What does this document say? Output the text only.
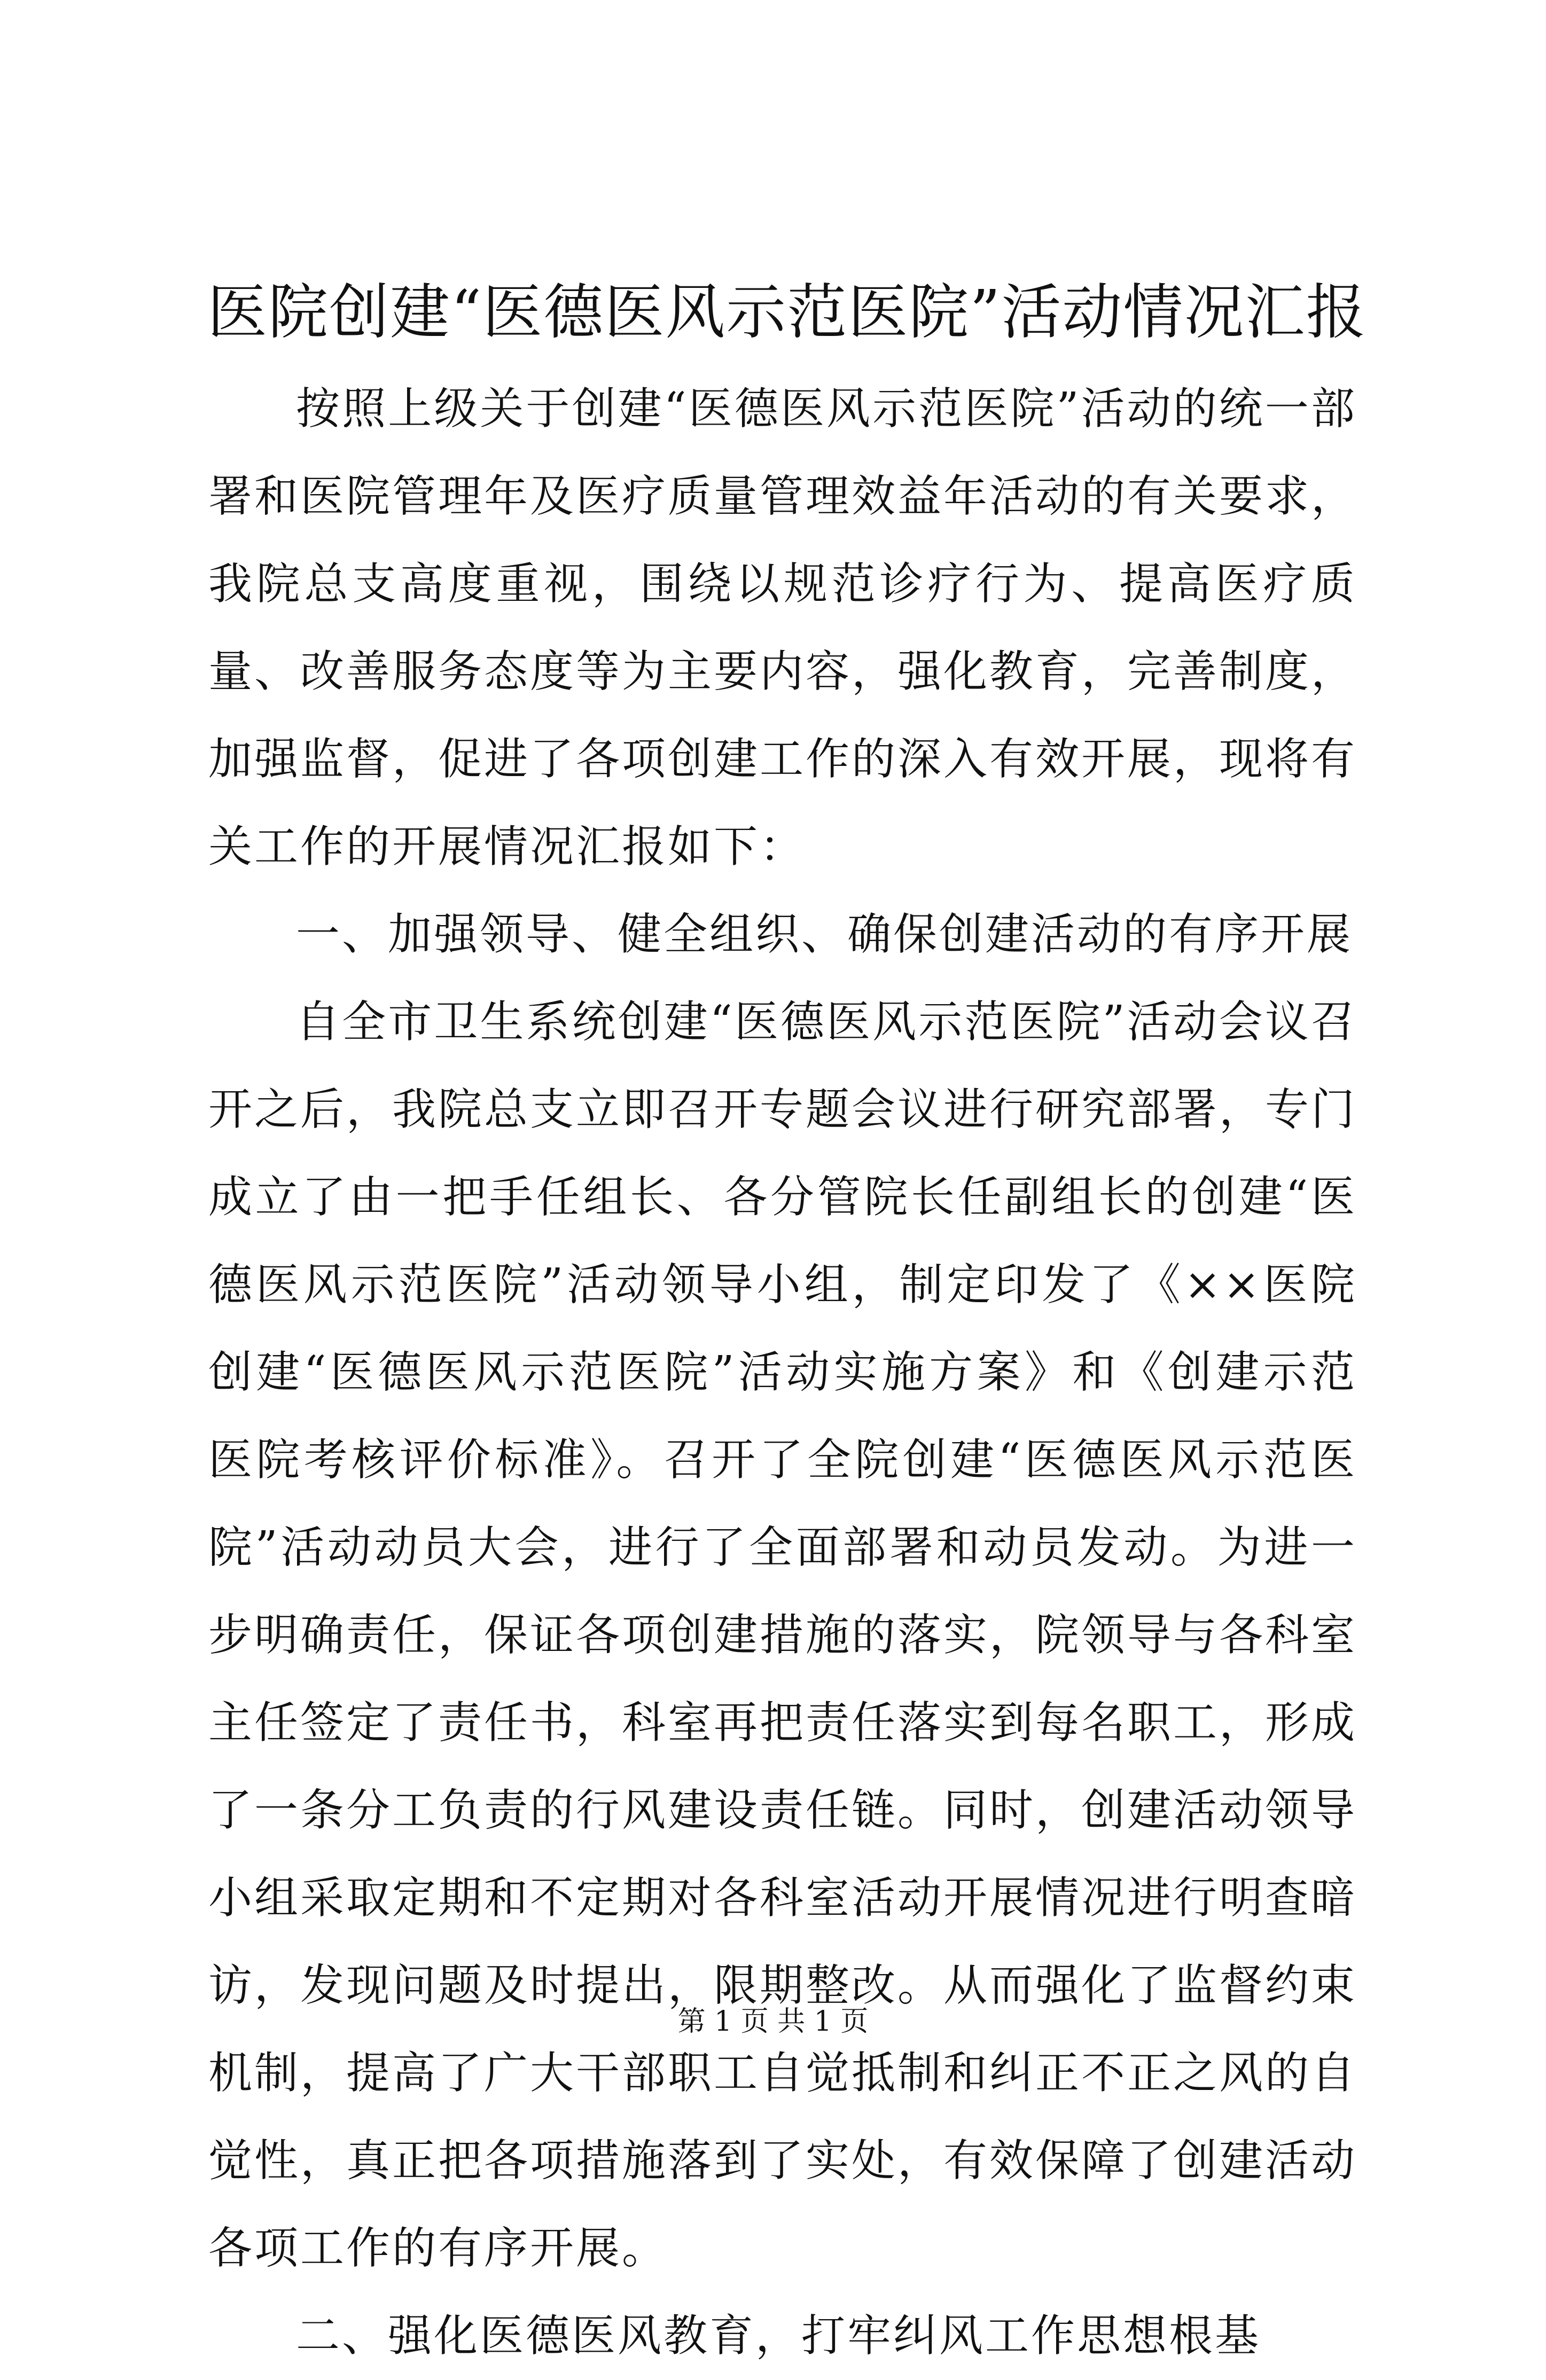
医院创建“医德医风示范医院”活动情况汇报

按照上级关于创建“医德医风示范医院”活动的统一部署和医院管理年及医疗质量管理效益年活动的有关要求，我院总支高度重视，围绕以规范诊疗行为、提高医疗质量、改善服务态度等为主要内容，强化教育，完善制度，加强监督，促进了各项创建工作的深入有效开展，现将有关工作的开展情况汇报如下：

一、加强领导、健全组织、确保创建活动的有序开展

自全市卫生系统创建“医德医风示范医院”活动会议召开之后，我院总支立即召开专题会议进行研究部署，专门成立了由一把手任组长、各分管院长任副组长的创建“医德医风示范医院”活动领导小组，制定印发了《××医院创建“医德医风示范医院”活动实施方案》和《创建示范医院考核评价标准》。召开了全院创建“医德医风示范医院”活动动员大会，进行了全面部署和动员发动。为进一步明确责任，保证各项创建措施的落实，院领导与各科室主任签定了责任书，科室再把责任落实到每名职工，形成了一条分工负责的行风建设责任链。同时，创建活动领导小组采取定期和不定期对各科室活动开展情况进行明查暗访，发现问题及时提出，限期整改。从而强化了监督约束机制，提高了广大干部职工自觉抵制和纠正不正之风的自觉性，真正把各项措施落到了实处，有效保障了创建活动各项工作的有序开展。

二、强化医德医风教育，打牢纠风工作思想根基

第 1 页 共 1 页
